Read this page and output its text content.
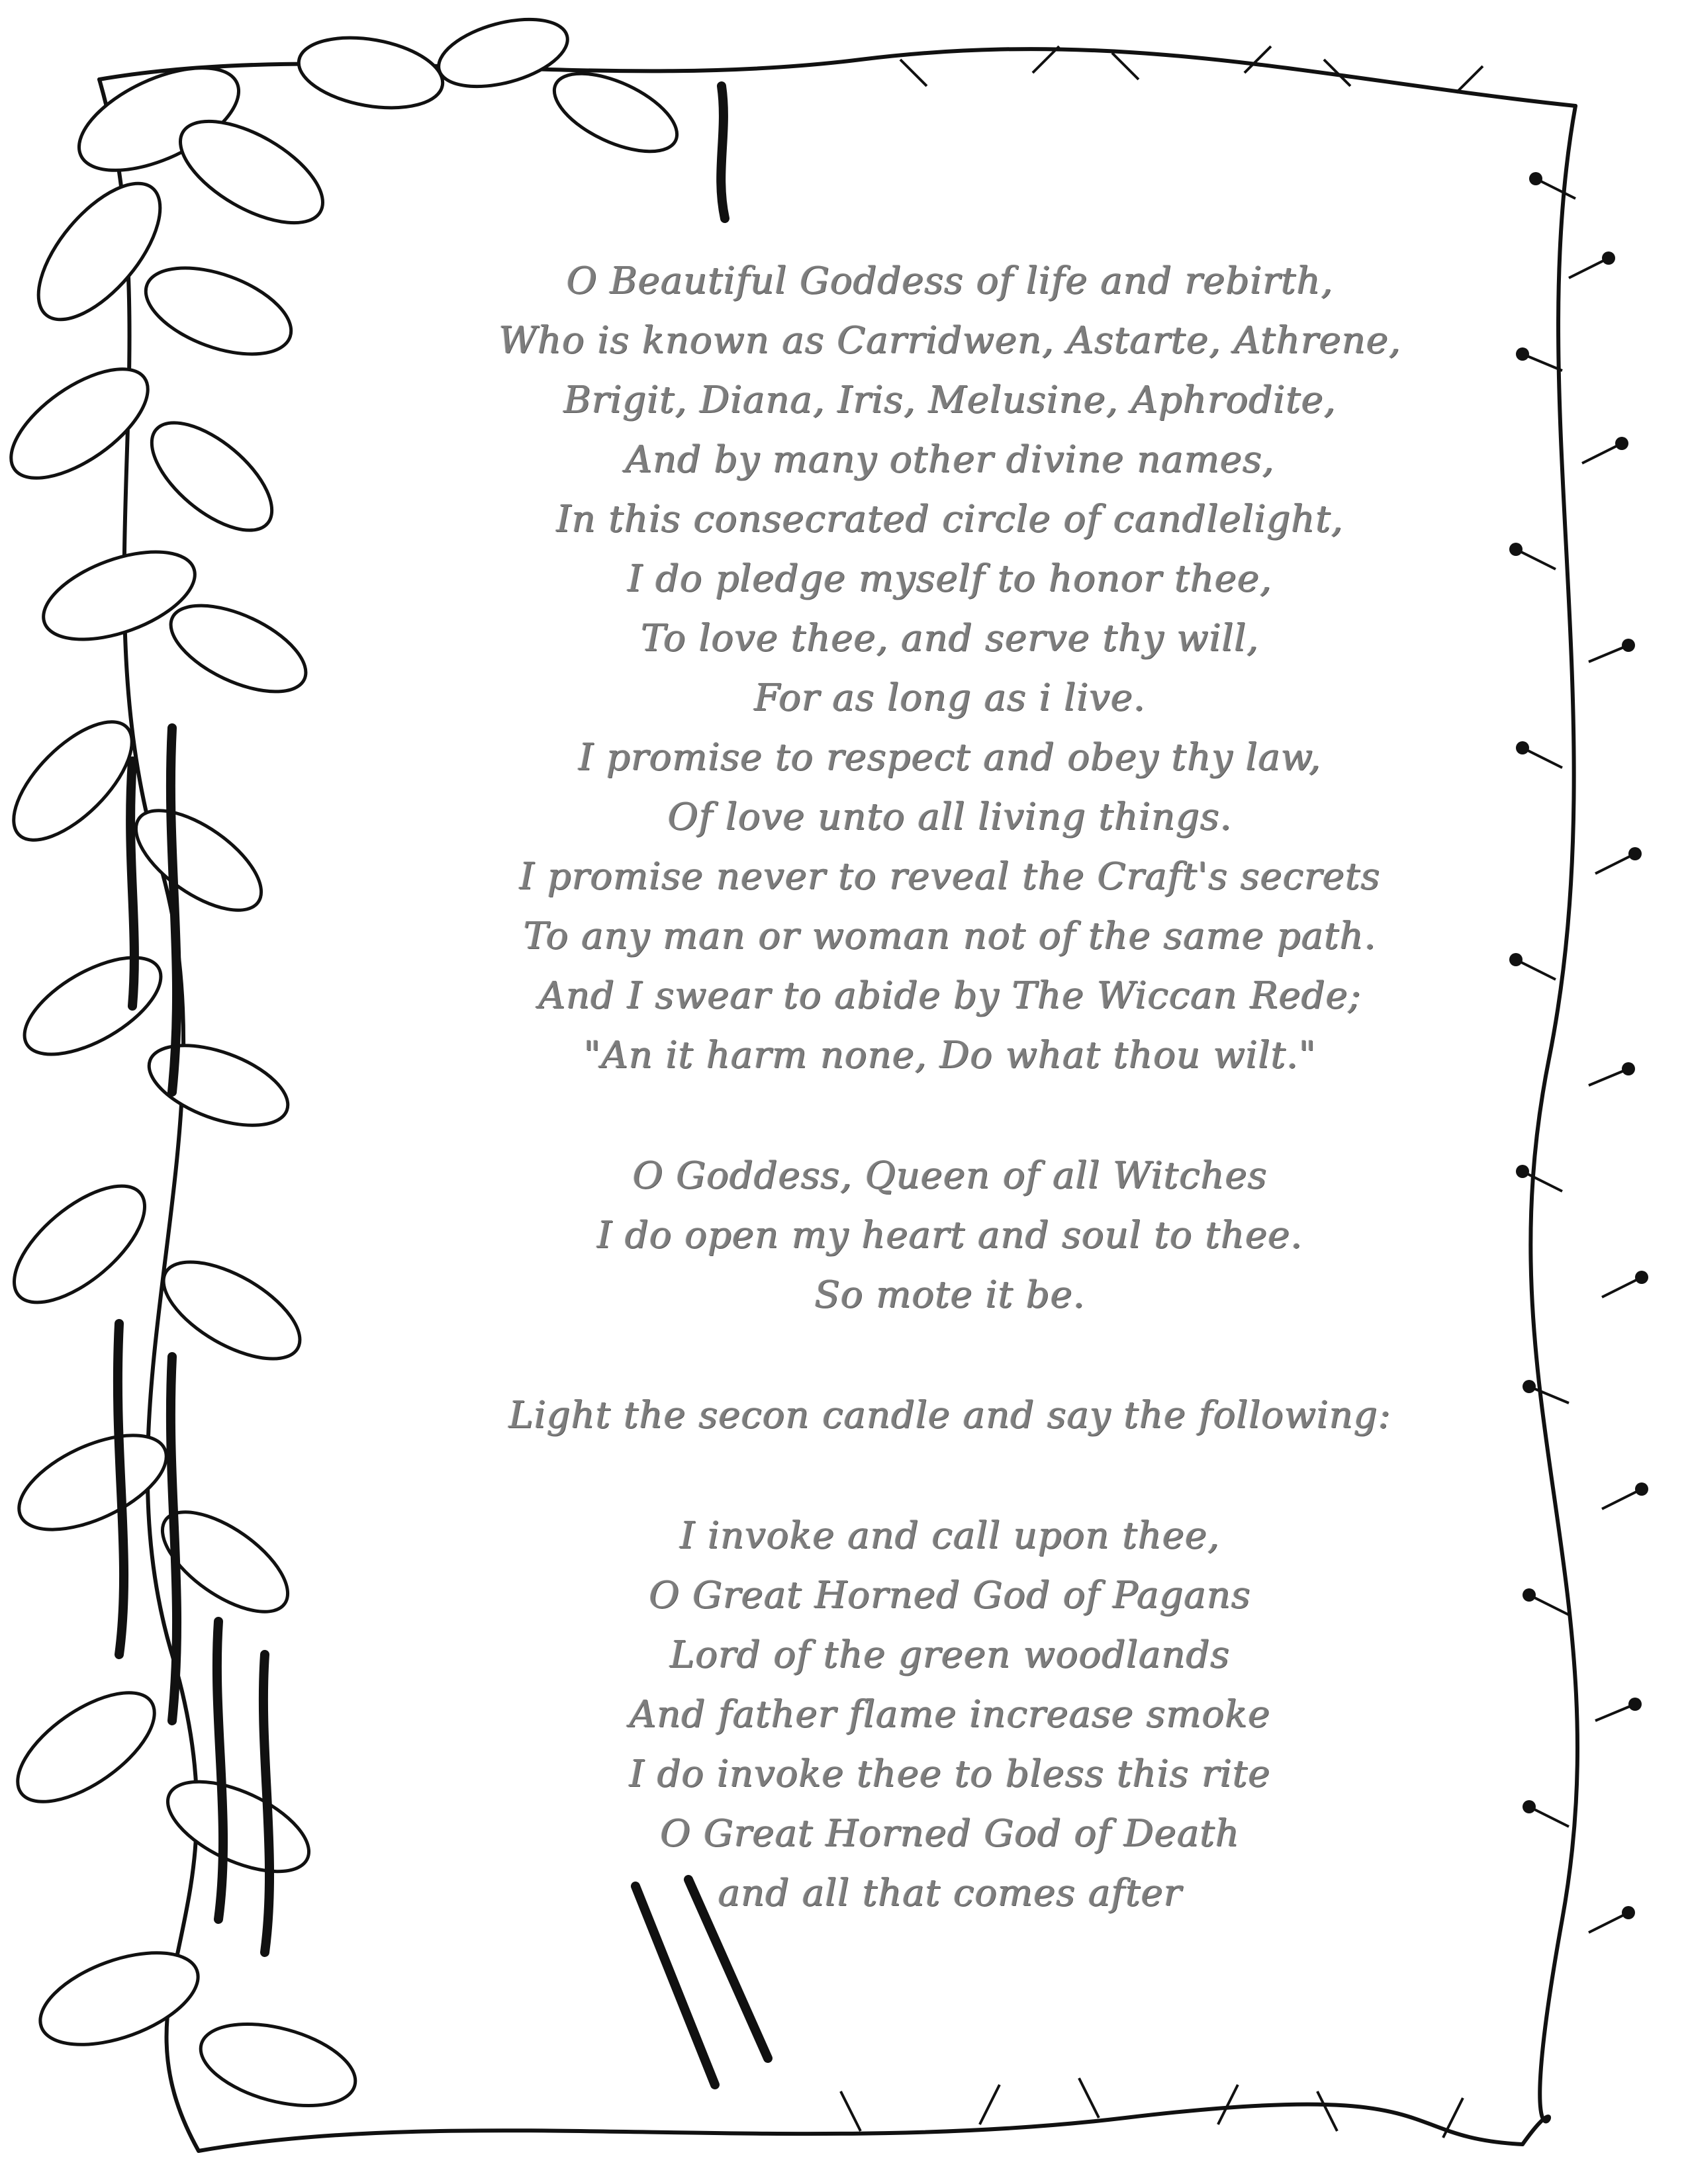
O Beautiful Goddess of life and rebirth,
Who is known as Carridwen, Astarte, Athrene,
Brigit, Diana, Iris, Melusine, Aphrodite,
And by many other divine names,
In this consecrated circle of candlelight,
I do pledge myself to honor thee,
To love thee, and serve thy will,
For as long as i live.
I promise to respect and obey thy law,
Of love unto all living things.
I promise never to reveal the Craft's secrets
To any man or woman not of the same path.
And I swear to abide by The Wiccan Rede;
"An it harm none, Do what thou wilt."
O Goddess, Queen of all Witches
I do open my heart and soul to thee.
So mote it be.
Light the secon candle and say the following:
I invoke and call upon thee,
O Great Horned God of Pagans
Lord of the green woodlands
And father flame increase smoke
I do invoke thee to bless this rite
O Great Horned God of Death
and all that comes after
